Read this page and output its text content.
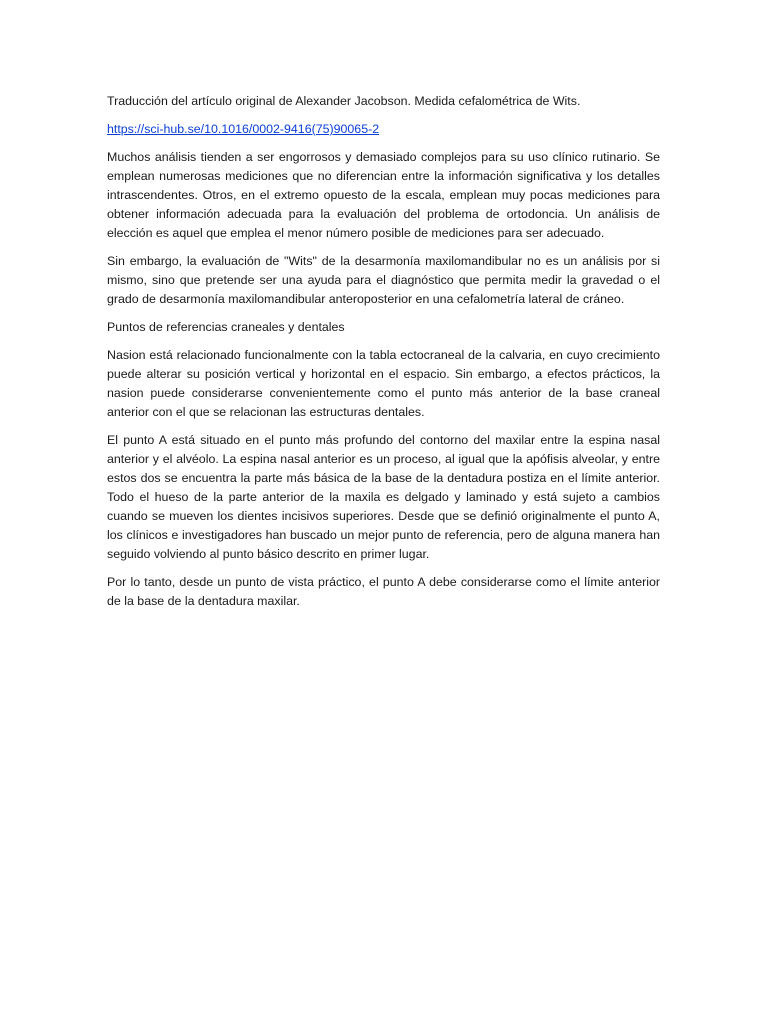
Traducción del artículo original de Alexander Jacobson. Medida cefalométrica de Wits.

https://sci-hub.se/10.1016/0002-9416(75)90065-2

Muchos análisis tienden a ser engorrosos y demasiado complejos para su uso clínico rutinario. Se emplean numerosas mediciones que no diferencian entre la información significativa y los detalles intrascendentes. Otros, en el extremo opuesto de la escala, emplean muy pocas mediciones para obtener información adecuada para la evaluación del problema de ortodoncia. Un análisis de elección es aquel que emplea el menor número posible de mediciones para ser adecuado.

Sin embargo, la evaluación de "Wits" de la desarmonía maxilomandibular no es un análisis por si mismo, sino que pretende ser una ayuda para el diagnóstico que permita medir la gravedad o el grado de desarmonía maxilomandibular anteroposterior en una cefalometría lateral de cráneo.

Puntos de referencias craneales y dentales

Nasion está relacionado funcionalmente con la tabla ectocraneal de la calvaria, en cuyo crecimiento puede alterar su posición vertical y horizontal en el espacio. Sin embargo, a efectos prácticos, la nasion puede considerarse convenientemente como el punto más anterior de la base craneal anterior con el que se relacionan las estructuras dentales.

El punto A está situado en el punto más profundo del contorno del maxilar entre la espina nasal anterior y el alvéolo. La espina nasal anterior es un proceso, al igual que la apófisis alveolar, y entre estos dos se encuentra la parte más básica de la base de la dentadura postiza en el límite anterior. Todo el hueso de la parte anterior de la maxila es delgado y laminado y está sujeto a cambios cuando se mueven los dientes incisivos superiores. Desde que se definió originalmente el punto A, los clínicos e investigadores han buscado un mejor punto de referencia, pero de alguna manera han seguido volviendo al punto básico descrito en primer lugar.

Por lo tanto, desde un punto de vista práctico, el punto A debe considerarse como el límite anterior de la base de la dentadura maxilar.
